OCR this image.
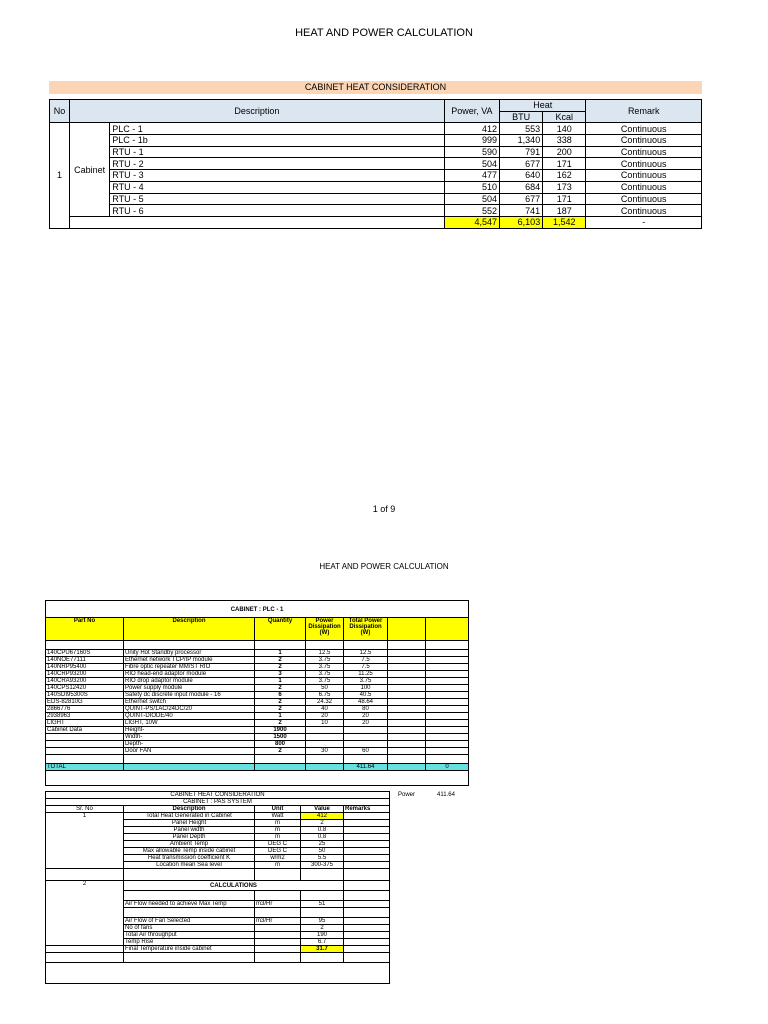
HEAT AND POWER CALCULATION
CABINET HEAT CONSIDERATION
No	Description		Power, VA	Heat		Remark
				BTU	Kcal	
1	Cabinet	PLC - 1	412	553	140	Continuous
		PLC - 1b	999	1,340	338	Continuous
		RTU - 1	590	791	200	Continuous
		RTU - 2	504	677	171	Continuous
		RTU - 3	477	640	162	Continuous
		RTU - 4	510	684	173	Continuous
		RTU - 5	504	677	171	Continuous
		RTU - 6	552	741	187	Continuous
			4,547	6,103	1,542	-
1 of 9
HEAT AND POWER CALCULATION
CABINET : PLC - 1						
Part No	Description	Quantity	Power Dissipation (W)	Total Power Dissipation (W)		

140CPU67160S	Unity Hot Standby processor	1	12.5	12.5		
140NOE77111	Ethernet network TCP/IP module	2	3.75	7.5		
140NRP95400	Fibre optic repeater MM/ST RIO	2	3.75	7.5		
140CRP93200	RIO head-end adaptor module	3	3.75	11.25		
140CRA93200	RIO drop adaptor module	1	3.75	3.75		
140CPS12420	Power supply module	2	50	100		
140SDI95300S	Safety dc discrete input module - 16	6	6.75	40.5		
EDS-82810G	Ethernet switch	2	24.32	48.64		
2866776	QUINT-PS/1AC/24DC/20	2	40	80		
2938963	QUINT-DIODE/40	1	20	20		
LIGHT	LIGHT, 10W	2	10	20		
Cabinet Data	Height-	1900				
	Width-	1500				
	Depth-	800				
	Door FAN	2	30	60		

TOTAL				411.64		0
Power	411.64
CABINET HEAT CONSIDERATION				
CABINET : PAS SYSTEM				
Sr. No	Description	Unit	Value	Remarks
1	Total Heat Generated in Cabinet	Watt	412	
	Panel Height	m	2	
	Panel width	m	0.8	
	Panel Depth	m	0.8	
	Ambient Temp	DEG C	25	
	Max allowable Temp inside cabinet	DEG C	50	
	Heat transmission coefficient K	w/m2	5.5	
	Location mean Sea level	m	300-375	

2	CALCULATIONS			

	Air Flow needed to achieve Max Temp	m3/Hr	51	

	Air Flow of Fan Selected	m3/Hr	95	
	No of fans		2	
	Total Air throughput		190	
	Temp Rise		6.7	
	Final Temperature inside cabinet		31.7	
